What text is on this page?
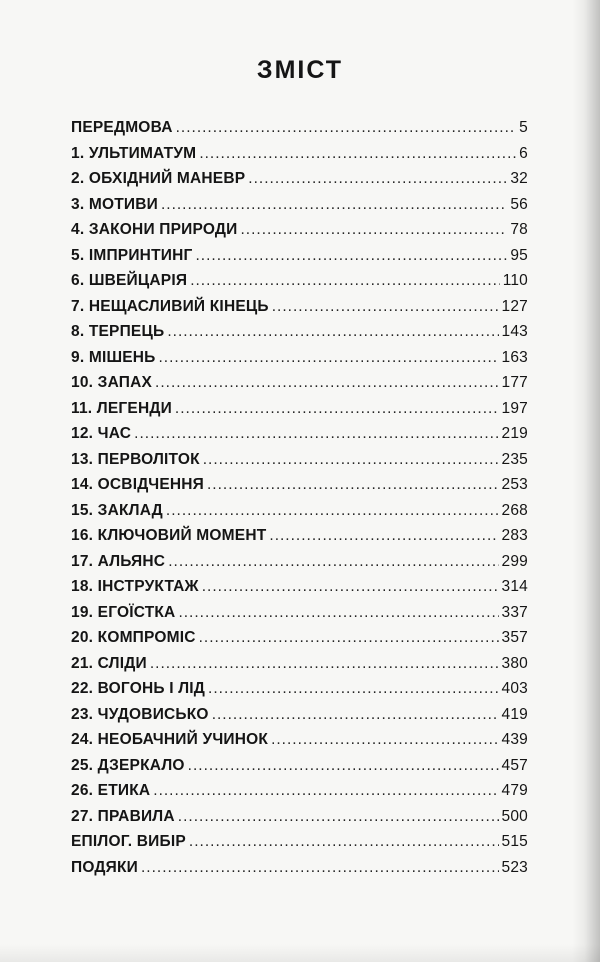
ЗМІСТ
ПЕРЕДМОВА .....	5
1. УЛЬТИМАТУМ .....	6
2. ОБХІДНИЙ МАНЕВР .....	32
3. МОТИВИ .....	56
4. ЗАКОНИ ПРИРОДИ .....	78
5. ІМПРИНТИНГ .....	95
6. ШВЕЙЦАРІЯ .....	110
7. НЕЩАСЛИВИЙ КІНЕЦЬ .....	127
8. ТЕРПЕЦЬ .....	143
9. МІШЕНЬ .....	163
10. ЗАПАХ .....	177
11. ЛЕГЕНДИ .....	197
12. ЧАС .....	219
13. ПЕРВОЛІТОК .....	235
14. ОСВІДЧЕННЯ .....	253
15. ЗАКЛАД .....	268
16. КЛЮЧОВИЙ МОМЕНТ .....	283
17. АЛЬЯНС .....	299
18. ІНСТРУКТАЖ .....	314
19. ЕГОЇСТКА .....	337
20. КОМПРОМІС .....	357
21. СЛІДИ .....	380
22. ВОГОНЬ І ЛІД .....	403
23. ЧУДОВИСЬКО .....	419
24. НЕОБАЧНИЙ УЧИНОК .....	439
25. ДЗЕРКАЛО .....	457
26. ЕТИКА .....	479
27. ПРАВИЛА .....	500
ЕПІЛОГ. ВИБІР .....	515
ПОДЯКИ .....	523
